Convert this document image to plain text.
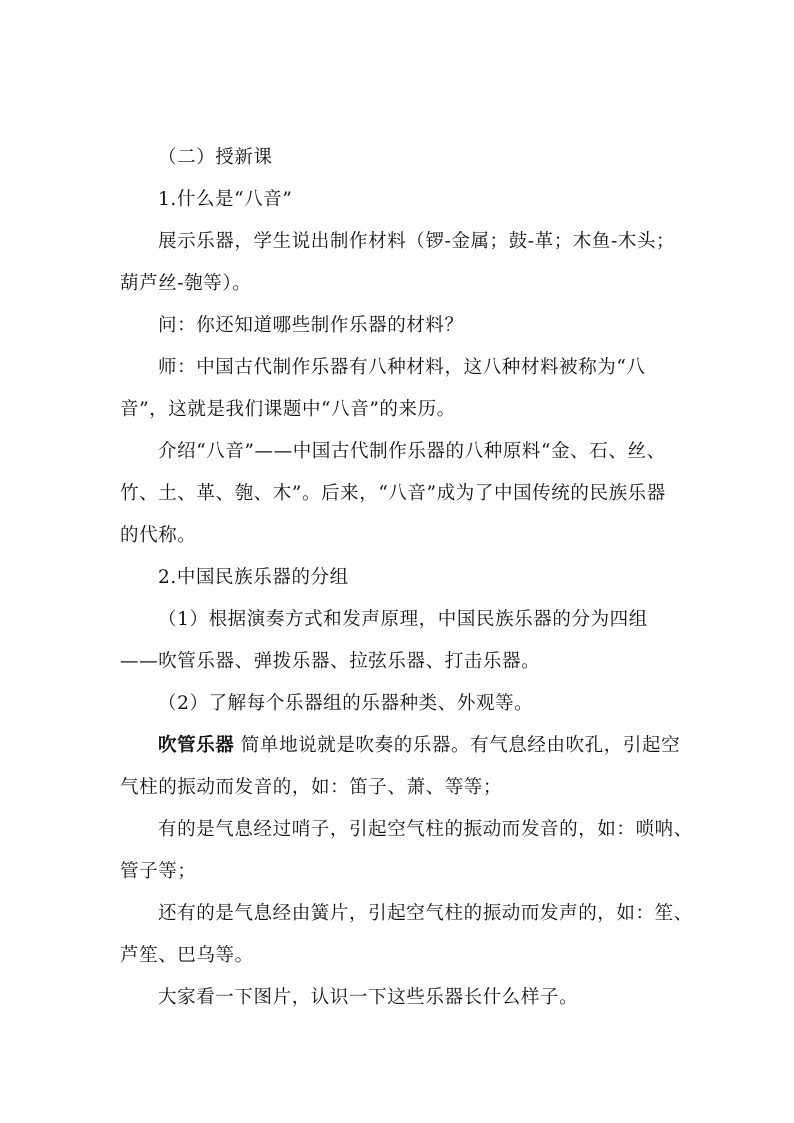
（二）授新课
1.什么是“八音”
展示乐器，学生说出制作材料（锣-金属；鼓-革；木鱼-木头；
葫芦丝-匏等）。
问：你还知道哪些制作乐器的材料？
师：中国古代制作乐器有八种材料，这八种材料被称为“八
音”，这就是我们课题中“八音”的来历。
介绍“八音”——中国古代制作乐器的八种原料“金、石、丝、
竹、土、革、匏、木”。后来，“八音”成为了中国传统的民族乐器
的代称。
2.中国民族乐器的分组
（1）根据演奏方式和发声原理，中国民族乐器的分为四组
——吹管乐器、弹拨乐器、拉弦乐器、打击乐器。
（2）了解每个乐器组的乐器种类、外观等。
吹管乐器 简单地说就是吹奏的乐器。有气息经由吹孔，引起空
气柱的振动而发音的，如：笛子、萧、等等；
有的是气息经过哨子，引起空气柱的振动而发音的，如：唢呐、
管子等；
还有的是气息经由簧片，引起空气柱的振动而发声的，如：笙、
芦笙、巴乌等。
大家看一下图片，认识一下这些乐器长什么样子。
